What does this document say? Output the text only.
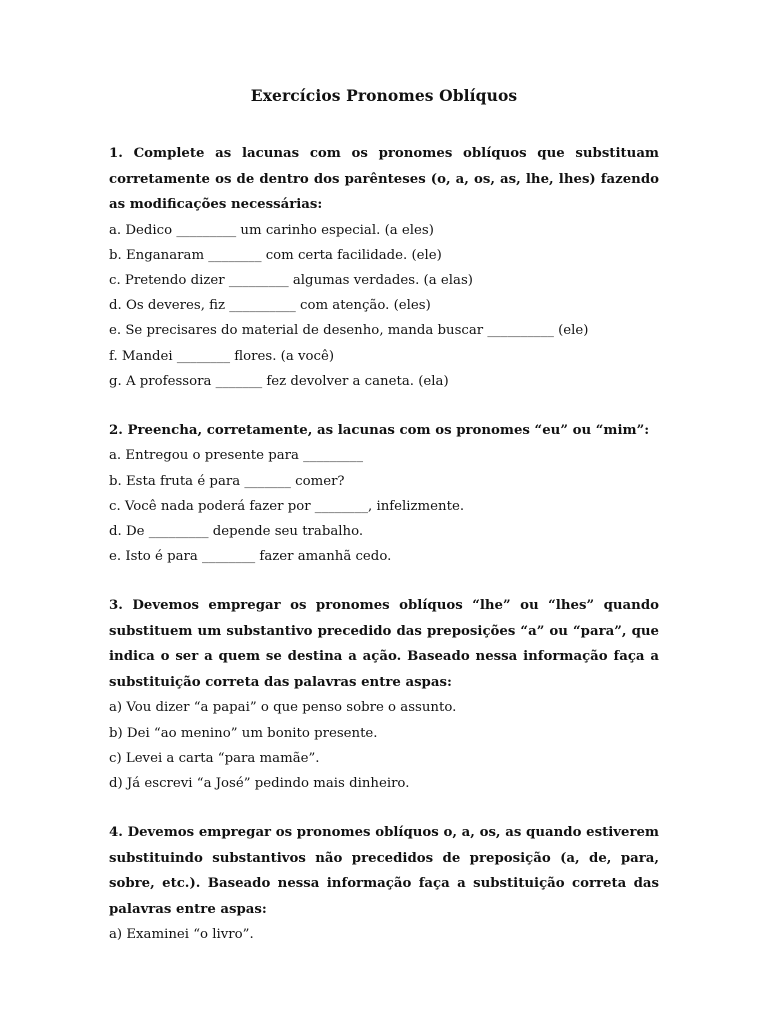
Exercícios Pronomes Oblíquos

1. Complete as lacunas com os pronomes oblíquos que substituam corretamente os de dentro dos parênteses (o, a, os, as, lhe, lhes) fazendo as modificações necessárias:

a. Dedico _________ um carinho especial. (a eles)

b. Enganaram ________ com certa facilidade. (ele)

c. Pretendo dizer _________ algumas verdades. (a elas)

d. Os deveres, fiz __________ com atenção. (eles)

e. Se precisares do material de desenho, manda buscar __________ (ele)

f. Mandei ________ flores. (a você)

g. A professora _______ fez devolver a caneta. (ela)

2. Preencha, corretamente, as lacunas com os pronomes “eu” ou “mim”:

a. Entregou o presente para _________

b. Esta fruta é para _______ comer?

c. Você nada poderá fazer por ________, infelizmente.

d. De _________ depende seu trabalho.

e. Isto é para ________ fazer amanhã cedo.

3. Devemos empregar os pronomes oblíquos “lhe” ou “lhes” quando substituem um substantivo precedido das preposições “a” ou “para”, que indica o ser a quem se destina a ação. Baseado nessa informação faça a substituição correta das palavras entre aspas:

a) Vou dizer “a papai” o que penso sobre o assunto.

b) Dei “ao menino” um bonito presente.

c) Levei a carta “para mamãe”.

d) Já escrevi “a José” pedindo mais dinheiro.

4. Devemos empregar os pronomes oblíquos o, a, os, as quando estiverem substituindo substantivos não precedidos de preposição (a, de, para, sobre, etc.). Baseado nessa informação faça a substituição correta das palavras entre aspas:

a) Examinei “o livro”.
